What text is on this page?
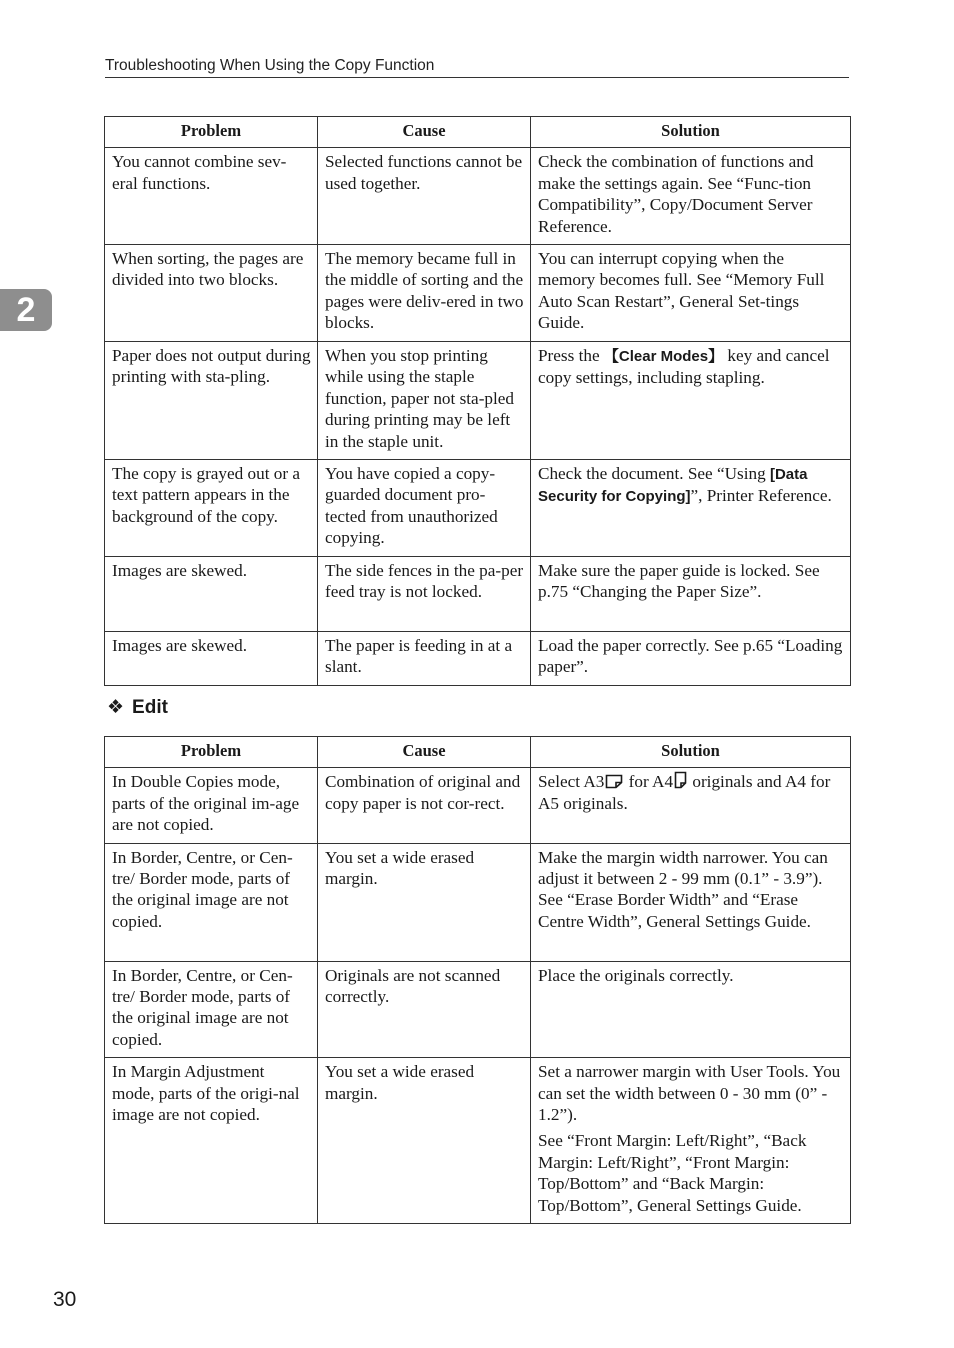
Troubleshooting When Using the Copy Function
2
Problem	Cause	Solution
You cannot combine sev-eral functions.	Selected functions cannot be used together.	Check the combination of functions and make the settings again. See “Func-tion Compatibility”, Copy/Document Server Reference.
When sorting, the pages are divided into two blocks.	The memory became full in the middle of sorting and the pages were deliv-ered in two blocks.	You can interrupt copying when the memory becomes full. See “Memory Full Auto Scan Restart”, General Set-tings Guide.
Paper does not output during printing with sta-pling.	When you stop printing while using the staple function, paper not sta-pled during printing may be left in the staple unit.	Press the 【Clear Modes】 key and cancel copy settings, including stapling.
The copy is grayed out or a text pattern appears in the background of the copy.	You have copied a copy-guarded document pro-tected from unauthorized copying.	Check the document. See “Using [Data Security for Copying]”, Printer Reference.
Images are skewed.	The side fences in the pa-per feed tray is not locked.	Make sure the paper guide is locked. See p.75 “Changing the Paper Size”.
Images are skewed.	The paper is feeding in at a slant.	Load the paper correctly. See p.65 “Loading paper”.
❖ Edit
Problem	Cause	Solution
In Double Copies mode, parts of the original im-age are not copied.	Combination of original and copy paper is not cor-rect.	Select A3 for A4 originals and A4 for A5 originals.
In Border, Centre, or Cen-tre/ Border mode, parts of the original image are not copied.	You set a wide erased margin.	Make the margin width narrower. You can adjust it between 2 - 99 mm (0.1” - 3.9”). See “Erase Border Width” and “Erase Centre Width”, General Settings Guide.
In Border, Centre, or Cen-tre/ Border mode, parts of the original image are not copied.	Originals are not scanned correctly.	Place the originals correctly.
In Margin Adjustment mode, parts of the origi-nal image are not copied.	You set a wide erased margin.	Set a narrower margin with User Tools. You can set the width between 0 - 30 mm (0” - 1.2”).
See “Front Margin: Left/Right”, “Back Margin: Left/Right”, “Front Margin: Top/Bottom” and “Back Margin: Top/Bottom”, General Settings Guide.
30
